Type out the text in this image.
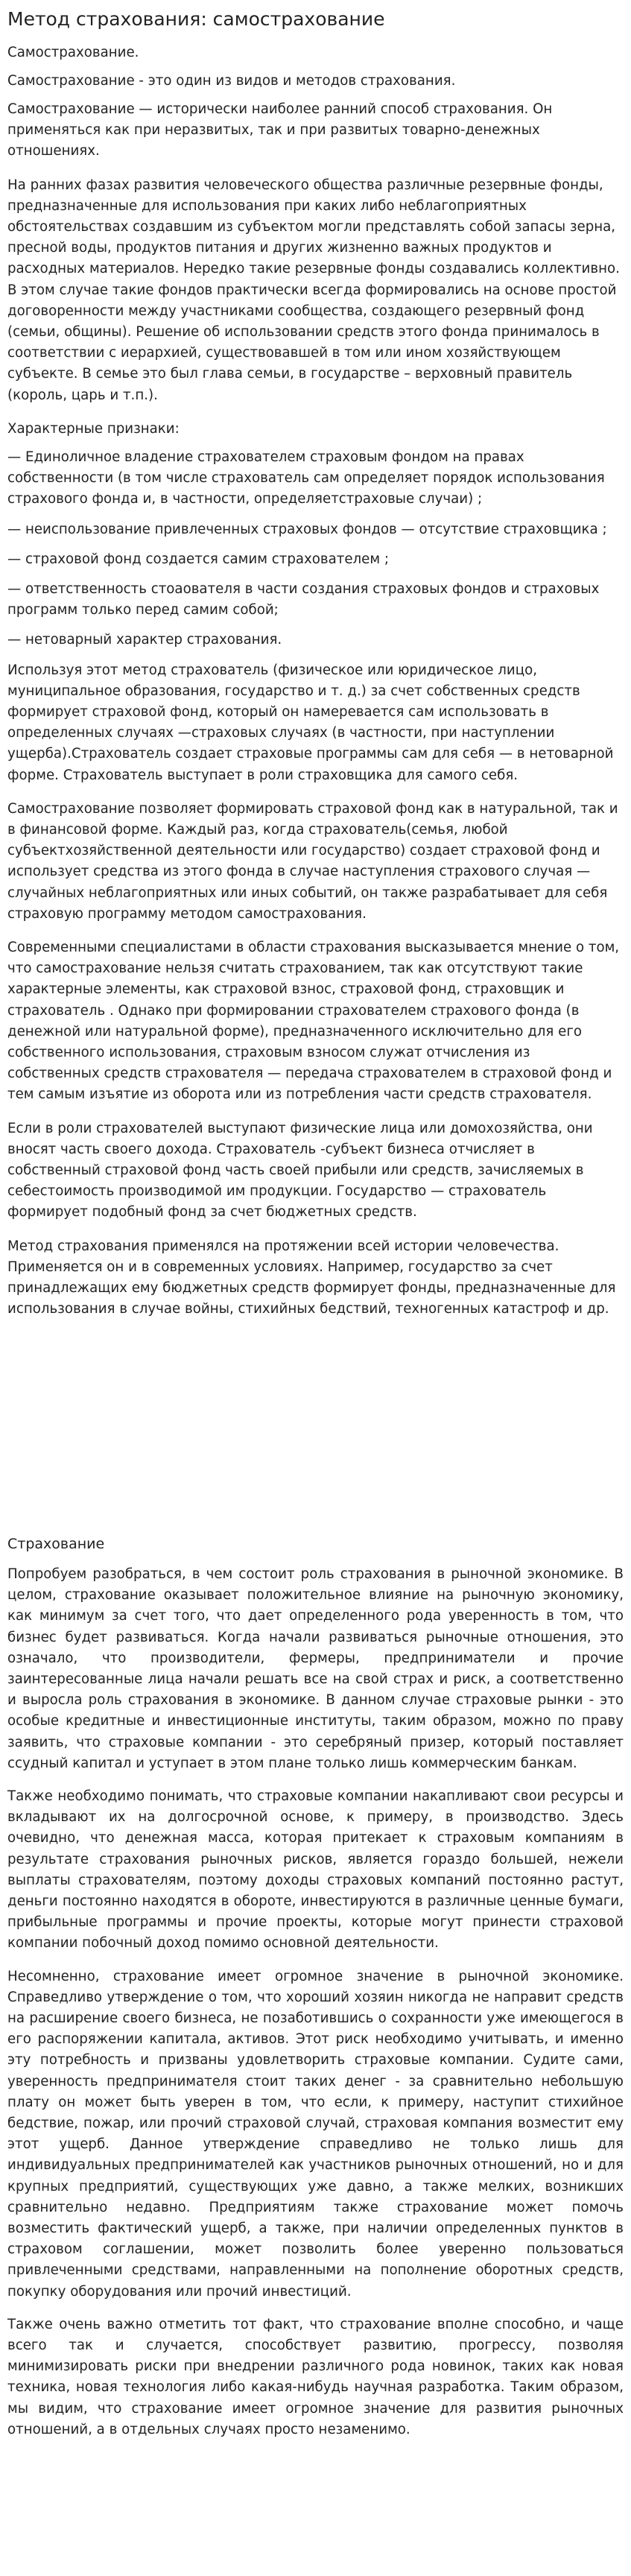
Метод страхования: самострахование
Самострахование.
Самострахование - это один из видов и методов страхования.
Самострахование — исторически наиболее ранний способ страхования. Он применяться как при неразвитых, так и при развитых товарно-денежных отношениях.
На ранних фазах развития человеческого общества различные резервные фонды, предназначенные для использования при каких либо неблагоприятных обстоятельствах создавшим из субъектом могли представлять собой запасы зерна, пресной воды, продуктов питания и других жизненно важных продуктов и расходных материалов. Нередко такие резервные фонды создавались коллективно. В этом случае такие фондов практически всегда формировались на основе простой договоренности между участниками сообщества, создающего резервный фонд (семьи, общины). Решение об использовании средств этого фонда принималось в соответствии с иерархией, существовавшей в том или ином хозяйствующем субъекте. В семье это был глава семьи, в государстве – верховный правитель (король, царь и т.п.).
Характерные признаки:
— Единоличное владение страхователем страховым фондом на правах собственности (в том числе страхователь сам определяет порядок использования страхового фонда и, в частности, определяетстраховые случаи) ;
— неиспользование привлеченных страховых фондов — отсутствие страховщика ;
— страховой фонд создается самим страхователем ;
— ответственность стоаователя в части создания страховых фондов и страховых программ только перед самим собой;
— нетоварный характер страхования.
Используя этот метод страхователь (физическое или юридическое лицо, муниципальное образования, государство и т. д.) за счет собственных средств формирует страховой фонд, который он намеревается сам использовать в определенных случаях —страховых случаях (в частности, при наступлении ущерба).Страхователь создает страховые программы сам для себя — в нетоварной форме. Страхователь выступает в роли страховщика для самого себя.
Самострахование позволяет формировать страховой фонд как в натуральной, так и в финансовой форме. Каждый раз, когда страхователь(семья, любой субъектхозяйственной деятельности или государство) создает страховой фонд и использует средства из этого фонда в случае наступления страхового случая — случайных неблагоприятных или иных событий, он также разрабатывает для себя страховую программу методом самострахования.
Современными специалистами в области страхования высказывается мнение о том, что самострахование нельзя считать страхованием, так как отсутствуют такие характерные элементы, как страховой взнос, страховой фонд, страховщик и страхователь . Однако при формировании страхователем страхового фонда (в денежной или натуральной форме), предназначенного исключительно для его собственного использования, страховым взносом служат отчисления из собственных средств страхователя — передача страхователем в страховой фонд и тем самым изъятие из оборота или из потребления части средств страхователя.
Если в роли страхователей выступают физические лица или домохозяйства, они вносят часть своего дохода. Страхователь -субъект бизнеса отчисляет в собственный страховой фонд часть своей прибыли или средств, зачисляемых в себестоимость производимой им продукции. Государство — страхователь формирует подобный фонд за счет бюджетных средств.
Метод страхования применялся на протяжении всей истории человечества. Применяется он и в современных условиях. Например, государство за счет принадлежащих ему бюджетных средств формирует фонды, предназначенные для использования в случае войны, стихийных бедствий, техногенных катастроф и др.
Страхование
Попробуем разобраться, в чем состоит роль страхования в рыночной экономике. В целом, страхование оказывает положительное влияние на рыночную экономику, как минимум за счет того, что дает определенного рода уверенность в том, что бизнес будет развиваться. Когда начали развиваться рыночные отношения, это означало, что производители, фермеры, предприниматели и прочие заинтересованные лица начали решать все на свой страх и риск, а соответственно и выросла роль страхования в экономике. В данном случае страховые рынки - это особые кредитные и инвестиционные институты, таким образом, можно по праву заявить, что страховые компании - это серебряный призер, который поставляет ссудный капитал и уступает в этом плане только лишь коммерческим банкам.
Также необходимо понимать, что страховые компании накапливают свои ресурсы и вкладывают их на долгосрочной основе, к примеру, в производство. Здесь очевидно, что денежная масса, которая притекает к страховым компаниям в результате страхования рыночных рисков, является гораздо большей, нежели выплаты страхователям, поэтому доходы страховых компаний постоянно растут, деньги постоянно находятся в обороте, инвестируются в различные ценные бумаги, прибыльные программы и прочие проекты, которые могут принести страховой компании побочный доход помимо основной деятельности.
Несомненно, страхование имеет огромное значение в рыночной экономике. Справедливо утверждение о том, что хороший хозяин никогда не направит средств на расширение своего бизнеса, не позаботившись о сохранности уже имеющегося в его распоряжении капитала, активов. Этот риск необходимо учитывать, и именно эту потребность и призваны удовлетворить страховые компании. Судите сами, уверенность предпринимателя стоит таких денег - за сравнительно небольшую плату он может быть уверен в том, что если, к примеру, наступит стихийное бедствие, пожар, или прочий страховой случай, страховая компания возместит ему этот ущерб. Данное утверждение справедливо не только лишь для индивидуальных предпринимателей как участников рыночных отношений, но и для крупных предприятий, существующих уже давно, а также мелких, возникших сравнительно недавно. Предприятиям также страхование может помочь возместить фактический ущерб, а также, при наличии определенных пунктов в страховом соглашении, может позволить более уверенно пользоваться привлеченными средствами, направленными на пополнение оборотных средств, покупку оборудования или прочий инвестиций.
Также очень важно отметить тот факт, что страхование вполне способно, и чаще всего так и случается, способствует развитию, прогрессу, позволяя минимизировать риски при внедрении различного рода новинок, таких как новая техника, новая технология либо какая-нибудь научная разработка. Таким образом, мы видим, что страхование имеет огромное значение для развития рыночных отношений, а в отдельных случаях просто незаменимо.
